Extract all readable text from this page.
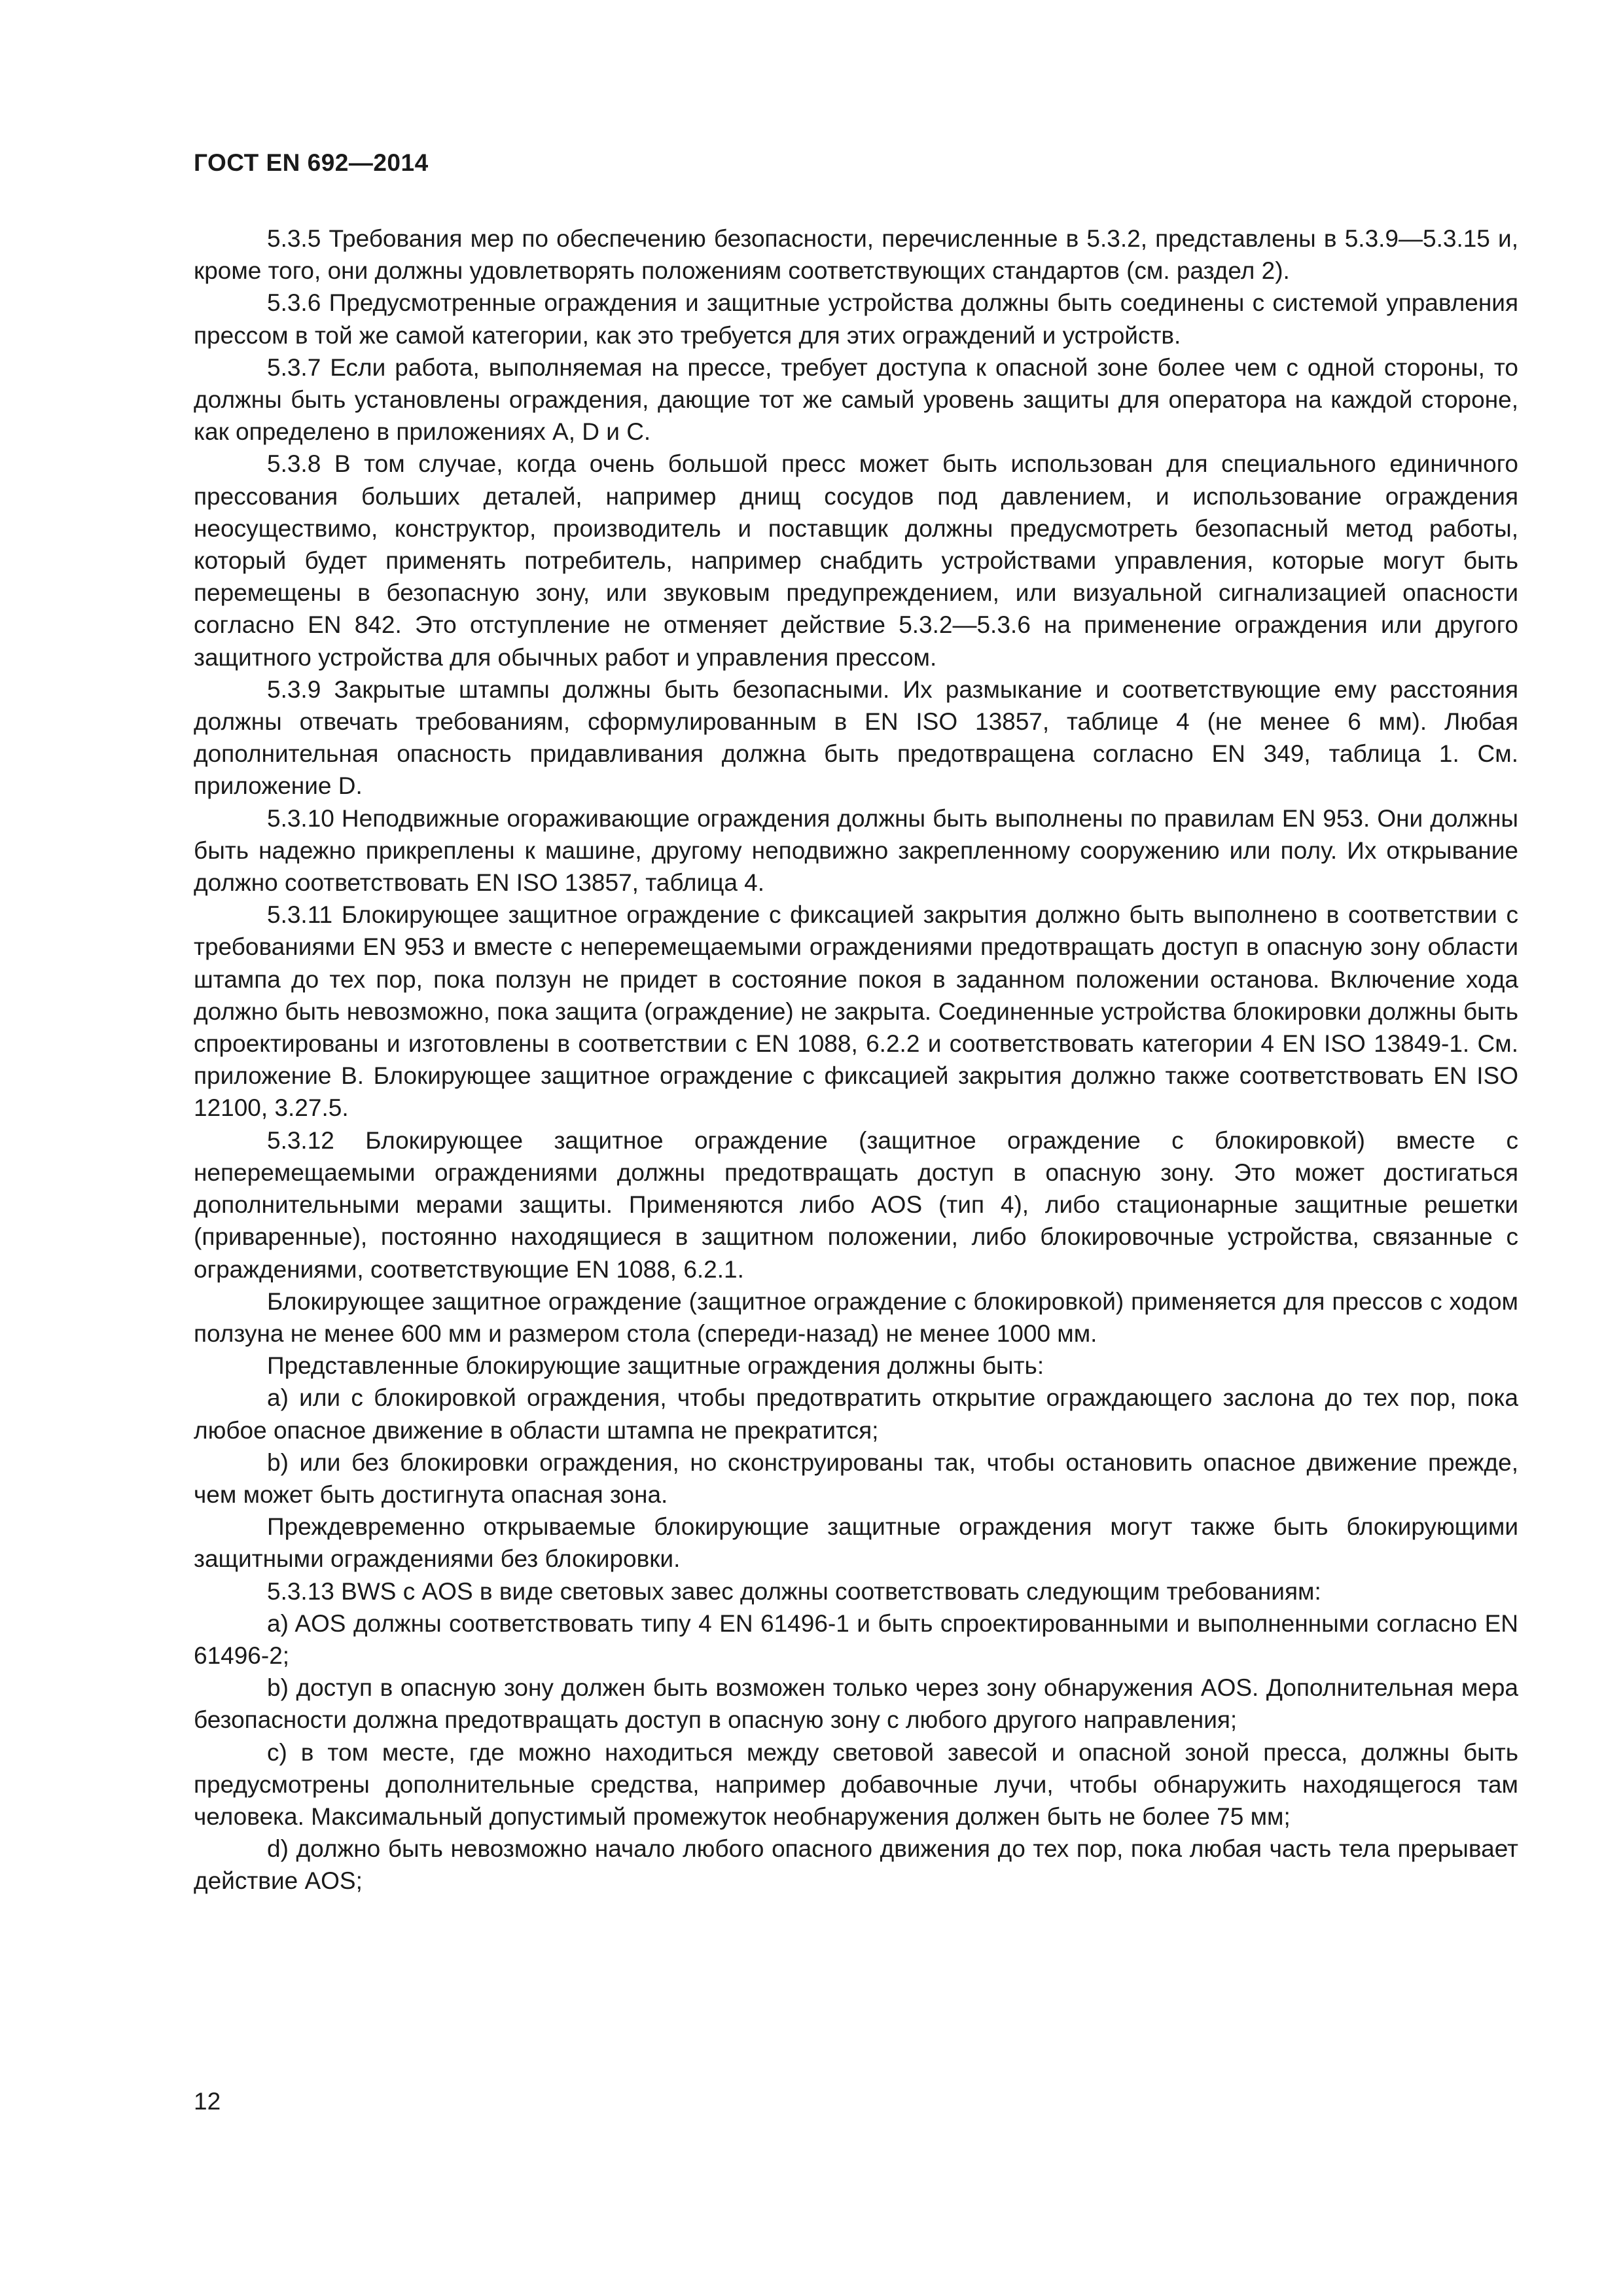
ГОСТ EN 692—2014

5.3.5 Требования мер по обеспечению безопасности, перечисленные в 5.3.2, представлены в 5.3.9—5.3.15 и, кроме того, они должны удовлетворять положениям соответствующих стандартов (см. раздел 2).

5.3.6 Предусмотренные ограждения и защитные устройства должны быть соединены с системой управления прессом в той же самой категории, как это требуется для этих ограждений и устройств.

5.3.7 Если работа, выполняемая на прессе, требует доступа к опасной зоне более чем с одной стороны, то должны быть установлены ограждения, дающие тот же самый уровень защиты для оператора на каждой стороне, как определено в приложениях A, D и C.

5.3.8 В том случае, когда очень большой пресс может быть использован для специального единичного прессования больших деталей, например днищ сосудов под давлением, и использование ограждения неосуществимо, конструктор, производитель и поставщик должны предусмотреть безопасный метод работы, который будет применять потребитель, например снабдить устройствами управления, которые могут быть перемещены в безопасную зону, или звуковым предупреждением, или визуальной сигнализацией опасности согласно EN 842. Это отступление не отменяет действие 5.3.2—5.3.6 на применение ограждения или другого защитного устройства для обычных работ и управления прессом.

5.3.9 Закрытые штампы должны быть безопасными. Их размыкание и соответствующие ему расстояния должны отвечать требованиям, сформулированным в EN ISO 13857, таблице 4 (не менее 6 мм). Любая дополнительная опасность придавливания должна быть предотвращена согласно EN 349, таблица 1. См. приложение D.

5.3.10 Неподвижные огораживающие ограждения должны быть выполнены по правилам EN 953. Они должны быть надежно прикреплены к машине, другому неподвижно закрепленному сооружению или полу. Их открывание должно соответствовать EN ISO 13857, таблица 4.

5.3.11 Блокирующее защитное ограждение с фиксацией закрытия должно быть выполнено в соответствии с требованиями EN 953 и вместе с неперемещаемыми ограждениями предотвращать доступ в опасную зону области штампа до тех пор, пока ползун не придет в состояние покоя в заданном положении останова. Включение хода должно быть невозможно, пока защита (ограждение) не закрыта. Соединенные устройства блокировки должны быть спроектированы и изготовлены в соответствии с EN 1088, 6.2.2 и соответствовать категории 4 EN ISO 13849-1. См. приложение B. Блокирующее защитное ограждение с фиксацией закрытия должно также соответствовать EN ISO 12100, 3.27.5.

5.3.12 Блокирующее защитное ограждение (защитное ограждение с блокировкой) вместе с неперемещаемыми ограждениями должны предотвращать доступ в опасную зону. Это может достигаться дополнительными мерами защиты. Применяются либо AOS (тип 4), либо стационарные защитные решетки (приваренные), постоянно находящиеся в защитном положении, либо блокировочные устройства, связанные с ограждениями, соответствующие EN 1088, 6.2.1.

Блокирующее защитное ограждение (защитное ограждение с блокировкой) применяется для прессов с ходом ползуна не менее 600 мм и размером стола (спереди-назад) не менее 1000 мм.

Представленные блокирующие защитные ограждения должны быть:

a) или с блокировкой ограждения, чтобы предотвратить открытие ограждающего заслона до тех пор, пока любое опасное движение в области штампа не прекратится;

b) или без блокировки ограждения, но сконструированы так, чтобы остановить опасное движение прежде, чем может быть достигнута опасная зона.

Преждевременно открываемые блокирующие защитные ограждения могут также быть блокирующими защитными ограждениями без блокировки.

5.3.13 BWS с AOS в виде световых завес должны соответствовать следующим требованиям:

a) AOS должны соответствовать типу 4 EN 61496-1 и быть спроектированными и выполненными согласно EN 61496-2;

b) доступ в опасную зону должен быть возможен только через зону обнаружения AOS. Дополнительная мера безопасности должна предотвращать доступ в опасную зону с любого другого направления;

c) в том месте, где можно находиться между световой завесой и опасной зоной пресса, должны быть предусмотрены дополнительные средства, например добавочные лучи, чтобы обнаружить находящегося там человека. Максимальный допустимый промежуток необнаружения должен быть не более 75 мм;

d) должно быть невозможно начало любого опасного движения до тех пор, пока любая часть тела прерывает действие AOS;

12
